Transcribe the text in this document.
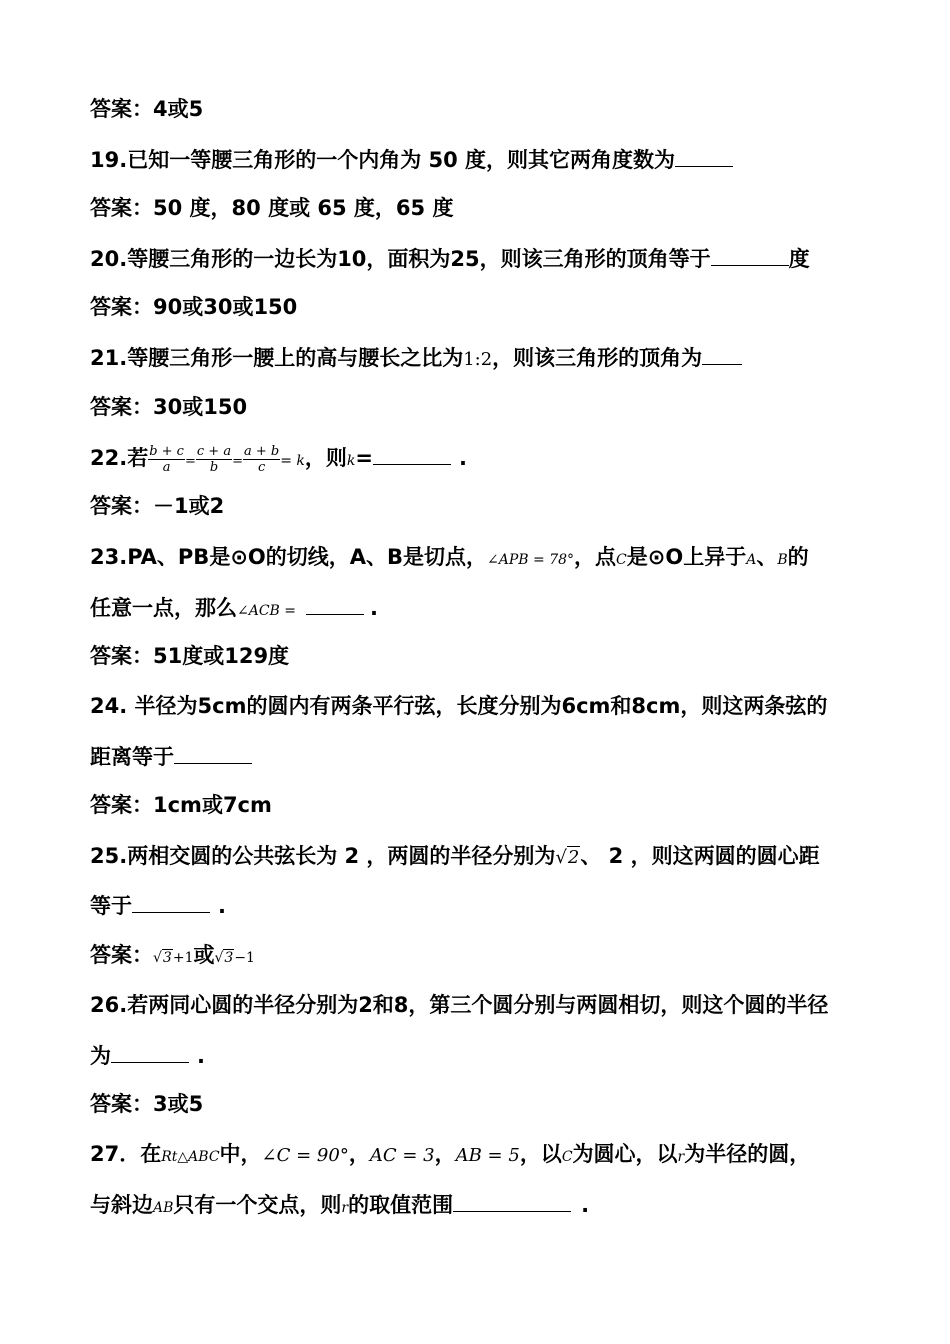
答案：4或5
19.已知一等腰三角形的一个内角为 50 度，则其它两角度数为
答案：50 度，80 度或 65 度，65 度
20.等腰三角形的一边长为10，面积为25，则该三角形的顶角等于	度
答案：90或30或150
21.等腰三角形一腰上的高与腰长之比为1:2，则该三角形的顶角为
答案：30或150
22.若 $\frac{b + c}{a} = \frac{c + a}{b} = \frac{a + b}{c} = k$，则k=	.
答案：－1或2
23.PA、PB是⊙O的切线，A、B是切点，∠APB = 78°，点C是⊙O上异于A、B的
任意一点，那么∠ACB =	.
答案：51度或129度
24. 半径为5cm的圆内有两条平行弦，长度分别为6cm和8cm，则这两条弦的
距离等于
答案：1cm或7cm
25.两相交圆的公共弦长为 2 ，两圆的半径分别为√2、 2 ，则这两圆的圆心距
等于	.
答案：√3+1或√3−1
26.若两同心圆的半径分别为2和8，第三个圆分别与两圆相切，则这个圆的半径
为	.
答案：3或5
27．在Rt△ABC中，∠C = 90°，AC = 3，AB = 5，以C为圆心，以r为半径的圆，
与斜边AB只有一个交点，则r的取值范围	.
